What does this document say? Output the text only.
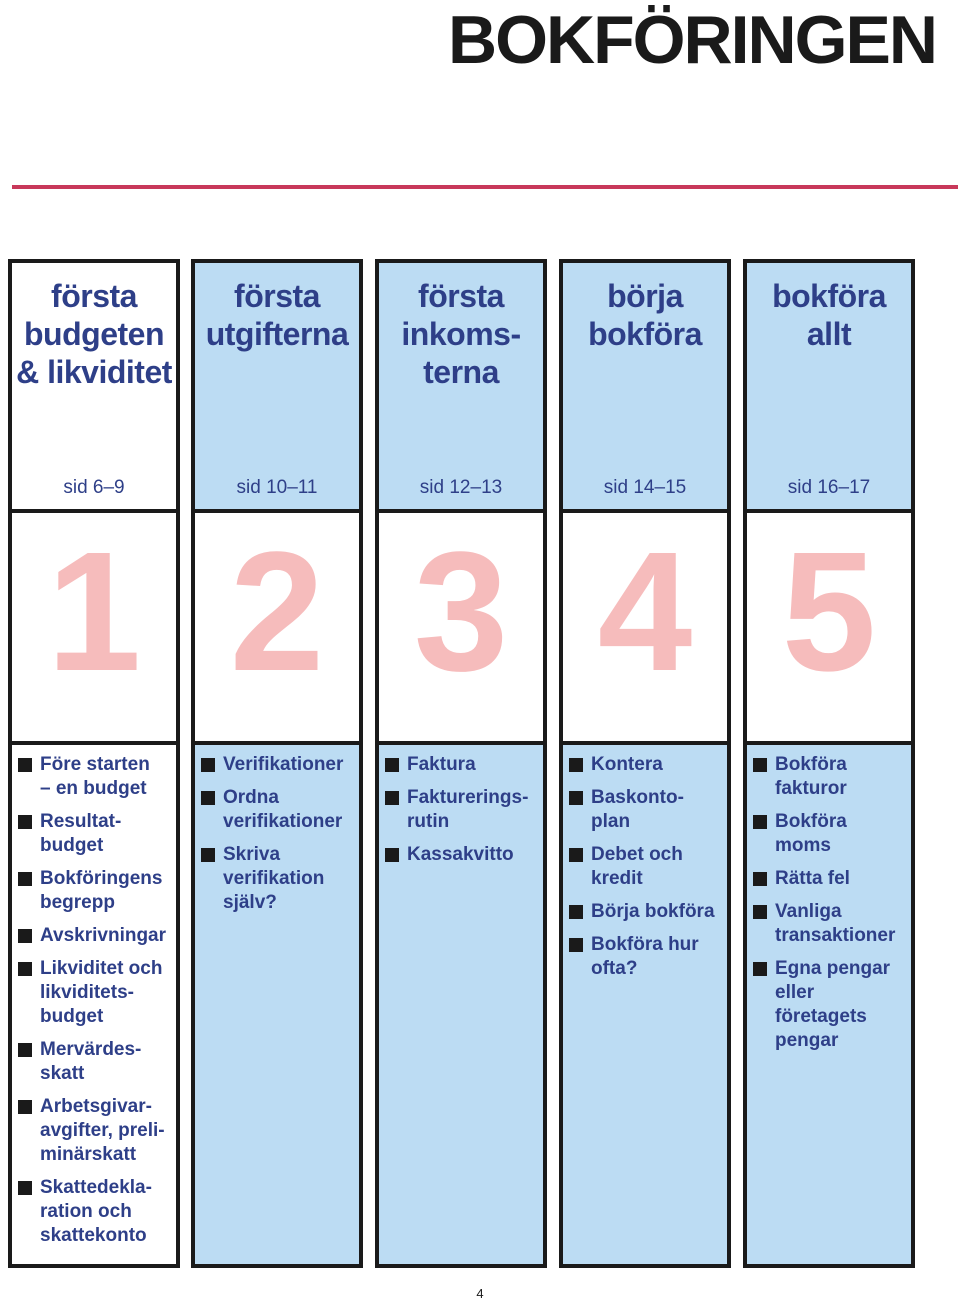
BOKFÖRINGEN
första
budgeten
& likviditet
sid 6–9
1
Före starten
– en budget
Resultat-
budget
Bokföringens
begrepp
Avskrivningar
Likviditet och
likviditets-
budget
Mervärdes-
skatt
Arbetsgivar-
avgifter, preli-
minärskatt
Skattedekla-
ration och
skattekonto
första
utgifterna
sid 10–11
2
Verifikationer
Ordna
verifikationer
Skriva
verifikation
själv?
första
inkoms-
terna
sid 12–13
3
Faktura
Fakturerings-
rutin
Kassakvitto
börja
bokföra
sid 14–15
4
Kontera
Baskonto-
plan
Debet och
kredit
Börja bokföra
Bokföra hur
ofta?
bokföra
allt
sid 16–17
5
Bokföra
fakturor
Bokföra
moms
Rätta fel
Vanliga
transaktioner
Egna pengar
eller
företagets
pengar
4
